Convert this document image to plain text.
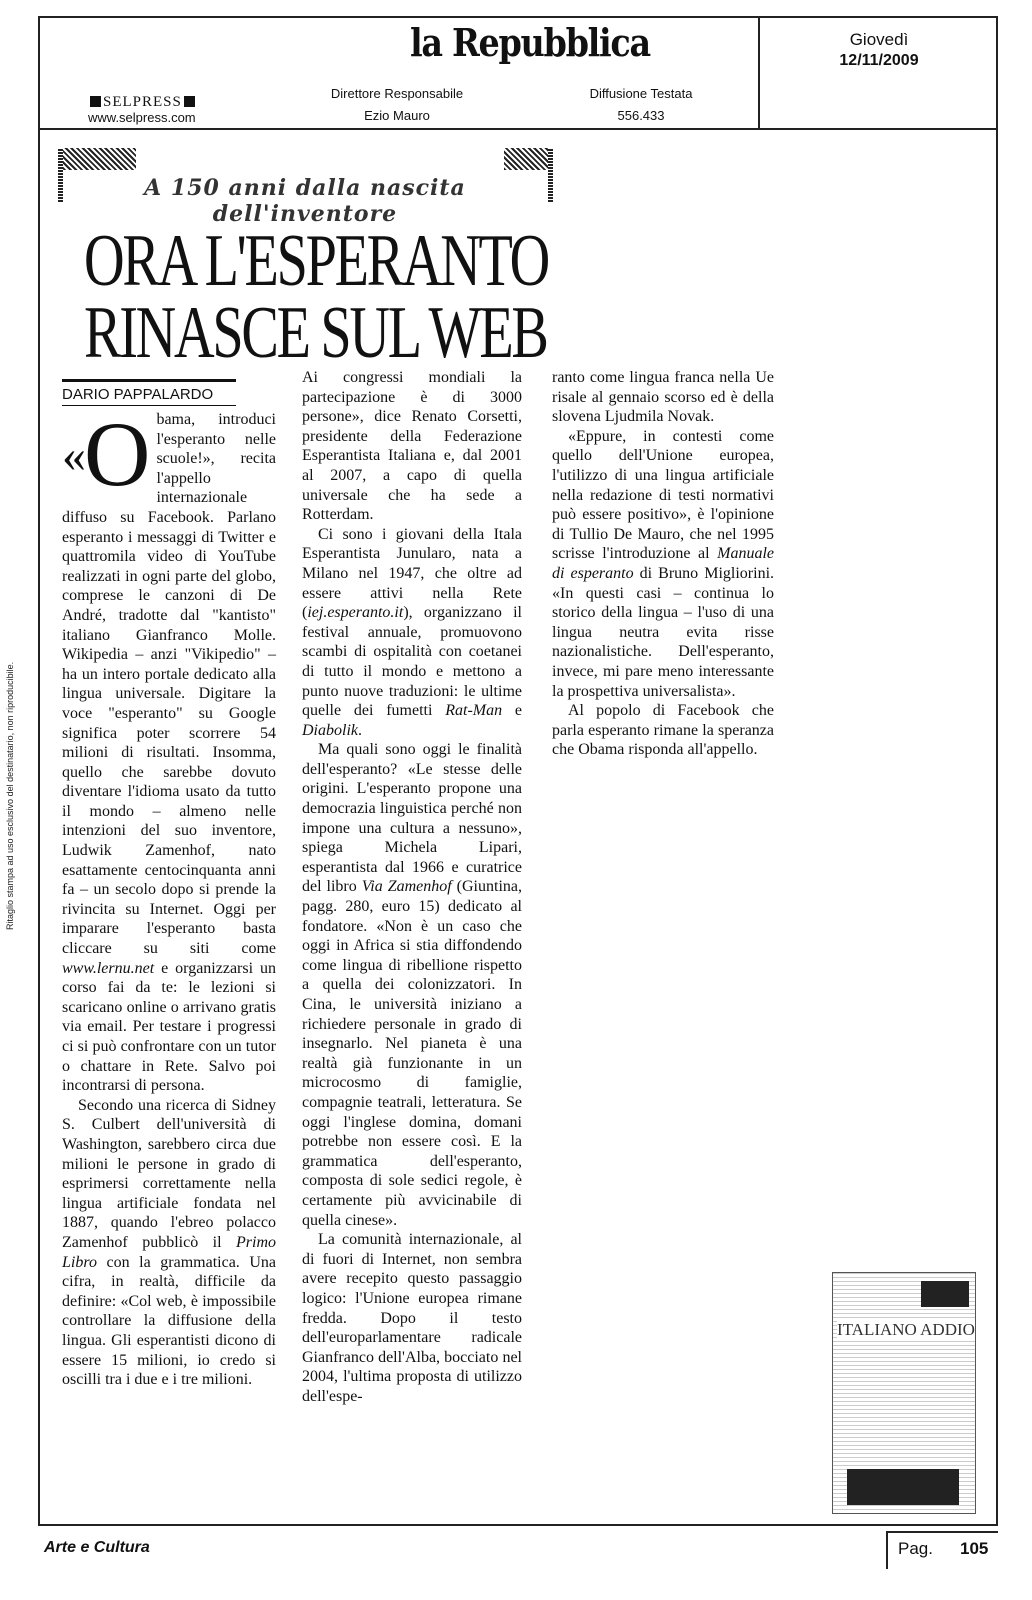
la Repubblica	Giovedì
12/11/2009
SELPRESS
www.selpress.com
Direttore Responsabile
Ezio Mauro
Diffusione Testata
556.433
Ritaglio stampa ad uso esclusivo del destinatario, non riproducibile.
A 150 anni dalla nascita dell'inventore
ORA L'ESPERANTO
RINASCE SUL WEB
DARIO PAPPALARDO

«O bama, introduci l'esperanto nelle scuole!», recita l'appello internazionale diffuso su Facebook. Parlano esperanto i messaggi di Twitter e quattromila video di YouTube realizzati in ogni parte del globo, comprese le canzoni di De André, tradotte dal "kantisto" italiano Gianfranco Molle. Wikipedia – anzi "Vikipedio" – ha un intero portale dedicato alla lingua universale. Digitare la voce "esperanto" su Google significa poter scorrere 54 milioni di risultati. Insomma, quello che sarebbe dovuto diventare l'idioma usato da tutto il mondo – almeno nelle intenzioni del suo inventore, Ludwik Zamenhof, nato esattamente centocinquanta anni fa – un secolo dopo si prende la rivincita su Internet. Oggi per imparare l'esperanto basta cliccare su siti come www.lernu.net e organizzarsi un corso fai da te: le lezioni si scaricano online o arrivano gratis via email. Per testare i progressi ci si può confrontare con un tutor o chattare in Rete. Salvo poi incontrarsi di persona.

Secondo una ricerca di Sidney S. Culbert dell'università di Washington, sarebbero circa due milioni le persone in grado di esprimersi correttamente nella lingua artificiale fondata nel 1887, quando l'ebreo polacco Zamenhof pubblicò il Primo Libro con la grammatica. Una cifra, in realtà, difficile da definire: «Col web, è impossibile controllare la diffusione della lingua. Gli esperantisti dicono di essere 15 milioni, io credo si oscilli tra i due e i tre milioni.

Ai congressi mondiali la partecipazione è di 3000 persone», dice Renato Corsetti, presidente della Federazione Esperantista Italiana e, dal 2001 al 2007, a capo di quella universale che ha sede a Rotterdam.

Ci sono i giovani della Itala Esperantista Junularo, nata a Milano nel 1947, che oltre ad essere attivi nella Rete (iej.esperanto.it), organizzano il festival annuale, promuovono scambi di ospitalità con coetanei di tutto il mondo e mettono a punto nuove traduzioni: le ultime quelle dei fumetti Rat-Man e Diabolik.

Ma quali sono oggi le finalità dell'esperanto? «Le stesse delle origini. L'esperanto propone una democrazia linguistica perché non impone una cultura a nessuno», spiega Michela Lipari, esperantista dal 1966 e curatrice del libro Via Zamenhof (Giuntina, pagg. 280, euro 15) dedicato al fondatore. «Non è un caso che oggi in Africa si stia diffondendo come lingua di ribellione rispetto a quella dei colonizzatori. In Cina, le università iniziano a richiedere personale in grado di insegnarlo. Nel pianeta è una realtà già funzionante in un microcosmo di famiglie, compagnie teatrali, letteratura. Se oggi l'inglese domina, domani potrebbe non essere così. E la grammatica dell'esperanto, composta di sole sedici regole, è certamente più avvicinabile di quella cinese».

La comunità internazionale, al di fuori di Internet, non sembra avere recepito questo passaggio logico: l'Unione europea rimane fredda. Dopo il testo dell'europarlamentare radicale Gianfranco dell'Alba, bocciato nel 2004, l'ultima proposta di utilizzo dell'espe-

ranto come lingua franca nella Ue risale al gennaio scorso ed è della slovena Ljudmila Novak.

«Eppure, in contesti come quello dell'Unione europea, l'utilizzo di una lingua artificiale nella redazione di testi normativi può essere positivo», è l'opinione di Tullio De Mauro, che nel 1995 scrisse l'introduzione al Manuale di esperanto di Bruno Migliorini. «In questi casi – continua lo storico della lingua – l'uso di una lingua neutra evita risse nazionalistiche. Dell'esperanto, invece, mi pare meno interessante la prospettiva universalista».

Al popolo di Facebook che parla esperanto rimane la speranza che Obama risponda all'appello.

ITALIANO ADDIO
Arte e Cultura	Pag. 105
